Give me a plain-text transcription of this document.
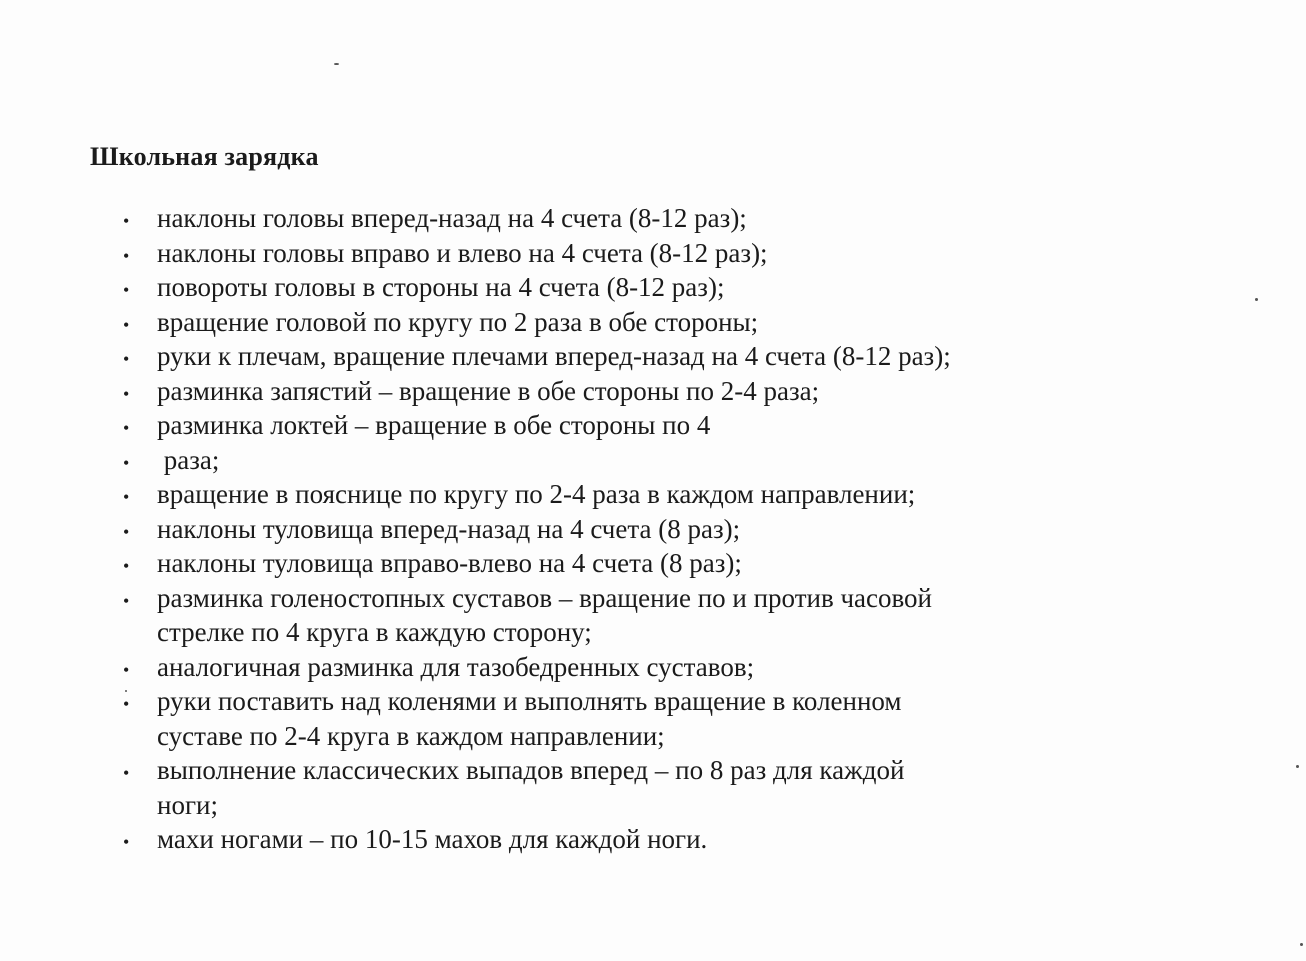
Школьная зарядка
• наклоны головы вперед-назад на 4 счета (8-12 раз);
• наклоны головы вправо и влево на 4 счета (8-12 раз);
• повороты головы в стороны на 4 счета (8-12 раз);
• вращение головой по кругу по 2 раза в обе стороны;
• руки к плечам, вращение плечами вперед-назад на 4 счета (8-12 раз);
• разминка запястий – вращение в обе стороны по 2-4 раза;
• разминка локтей – вращение в обе стороны по 4
• раза;
• вращение в пояснице по кругу по 2-4 раза в каждом направлении;
• наклоны туловища вперед-назад на 4 счета (8 раз);
• наклоны туловища вправо-влево на 4 счета (8 раз);
• разминка голеностопных суставов – вращение по и против часовой
стрелке по 4 круга в каждую сторону;
• аналогичная разминка для тазобедренных суставов;
• руки поставить над коленями и выполнять вращение в коленном
суставе по 2-4 круга в каждом направлении;
• выполнение классических выпадов вперед – по 8 раз для каждой
ноги;
• махи ногами – по 10-15 махов для каждой ноги.
